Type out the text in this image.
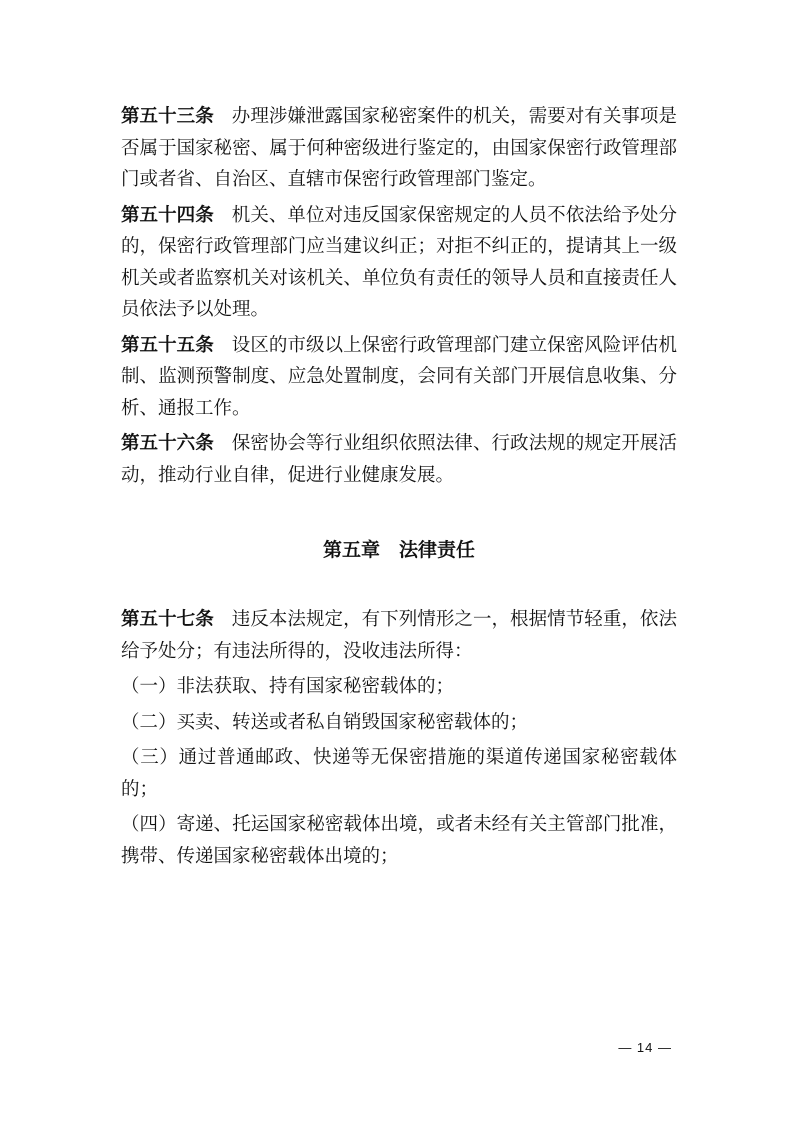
第五十三条 办理涉嫌泄露国家秘密案件的机关，需要对有关事项是否属于国家秘密、属于何种密级进行鉴定的，由国家保密行政管理部门或者省、自治区、直辖市保密行政管理部门鉴定。

第五十四条 机关、单位对违反国家保密规定的人员不依法给予处分的，保密行政管理部门应当建议纠正；对拒不纠正的，提请其上一级机关或者监察机关对该机关、单位负有责任的领导人员和直接责任人员依法予以处理。

第五十五条 设区的市级以上保密行政管理部门建立保密风险评估机制、监测预警制度、应急处置制度，会同有关部门开展信息收集、分析、通报工作。

第五十六条 保密协会等行业组织依照法律、行政法规的规定开展活动，推动行业自律，促进行业健康发展。

第五章　法律责任

第五十七条 违反本法规定，有下列情形之一，根据情节轻重，依法给予处分；有违法所得的，没收违法所得：

（一）非法获取、持有国家秘密载体的；

（二）买卖、转送或者私自销毁国家秘密载体的；

（三）通过普通邮政、快递等无保密措施的渠道传递国家秘密载体的；

（四）寄递、托运国家秘密载体出境，或者未经有关主管部门批准，携带、传递国家秘密载体出境的；

— 14 —
